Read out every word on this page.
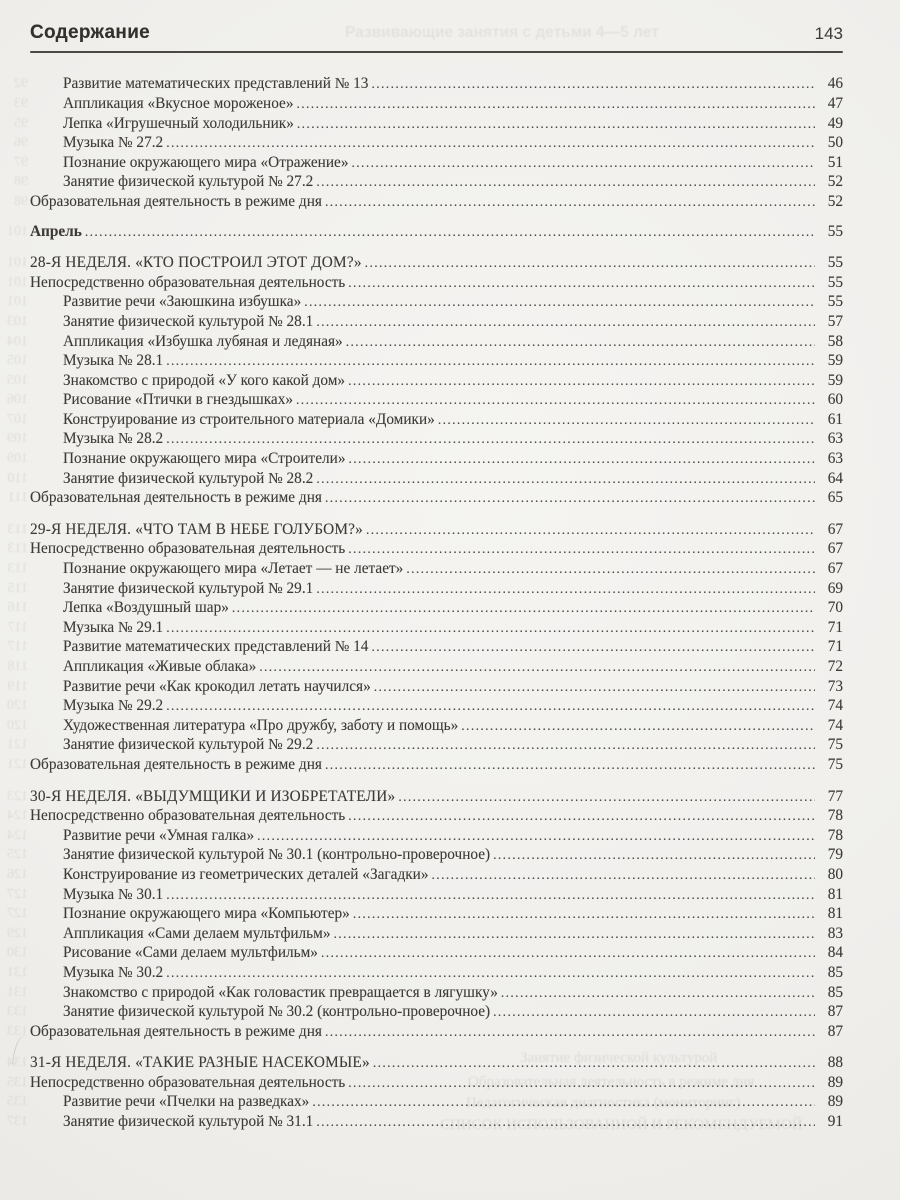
Содержание	143
92 Развитие математических представлений № 13 .....	46
93 Аппликация «Вкусное мороженое» .....	47
95 Лепка «Игрушечный холодильник» .....	49
96 Музыка № 27.2 .....	50
97 Познание окружающего мира «Отражение» .....	51
98 Занятие физической культурой № 27.2 .....	52
98 Образовательная деятельность в режиме дня .....	52
101 Апрель .....	55
101 28-Я НЕДЕЛЯ. «КТО ПОСТРОИЛ ЭТОТ ДОМ?» .....	55
101 Непосредственно образовательная деятельность .....	55
101 Развитие речи «Заюшкина избушка» .....	55
103 Занятие физической культурой № 28.1 .....	57
104 Аппликация «Избушка лубяная и ледяная» .....	58
105 Музыка № 28.1 .....	59
105 Знакомство с природой «У кого какой дом» .....	59
106 Рисование «Птички в гнездышках» .....	60
107 Конструирование из строительного материала «Домики» .....	61
109 Музыка № 28.2 .....	63
109 Познание окружающего мира «Строители» .....	63
110 Занятие физической культурой № 28.2 .....	64
111 Образовательная деятельность в режиме дня .....	65
113 29-Я НЕДЕЛЯ. «ЧТО ТАМ В НЕБЕ ГОЛУБОМ?» .....	67
113 Непосредственно образовательная деятельность .....	67
113 Познание окружающего мира «Летает — не летает» .....	67
115 Занятие физической культурой № 29.1 .....	69
116 Лепка «Воздушный шар» .....	70
117 Музыка № 29.1 .....	71
117 Развитие математических представлений № 14 .....	71
118 Аппликация «Живые облака» .....	72
119 Развитие речи «Как крокодил летать научился» .....	73
120 Музыка № 29.2 .....	74
120 Художественная литература «Про дружбу, заботу и помощь» .....	74
121 Занятие физической культурой № 29.2 .....	75
121 Образовательная деятельность в режиме дня .....	75
123 30-Я НЕДЕЛЯ. «ВЫДУМЩИКИ И ИЗОБРЕТАТЕЛИ» .....	77
124 Непосредственно образовательная деятельность .....	78
124 Развитие речи «Умная галка» .....	78
125 Занятие физической культурой № 30.1 (контрольно-проверочное) .....	79
126 Конструирование из геометрических деталей «Загадки» .....	80
127 Музыка № 30.1 .....	81
127 Познание окружающего мира «Компьютер» .....	81
129 Аппликация «Сами делаем мультфильм» .....	83
130 Рисование «Сами делаем мультфильм» .....	84
131 Музыка № 30.2 .....	85
131 Знакомство с природой «Как головастик превращается в лягушку» .....	85
133 Занятие физической культурой № 30.2 (контрольно-проверочное) .....	87
133 Образовательная деятельность в режиме дня .....	87
134 31-Я НЕДЕЛЯ. «ТАКИЕ РАЗНЫЕ НАСЕКОМЫЕ» .....	88
135 Непосредственно образовательная деятельность .....	89
135 Развитие речи «Пчелки на разведках» .....	89
137 Занятие физической культурой № 31.1 .....	91
Развивающие занятия с детьми 4—5 лет
Занятие физической культурой
Образовательная деятельность в режиме дня
Педагогическая диагностика (мониторинг)
СПИСОК ИСПОЛЬЗОВАННОЙ И РЕКОМЕНДУЕМОЙ
